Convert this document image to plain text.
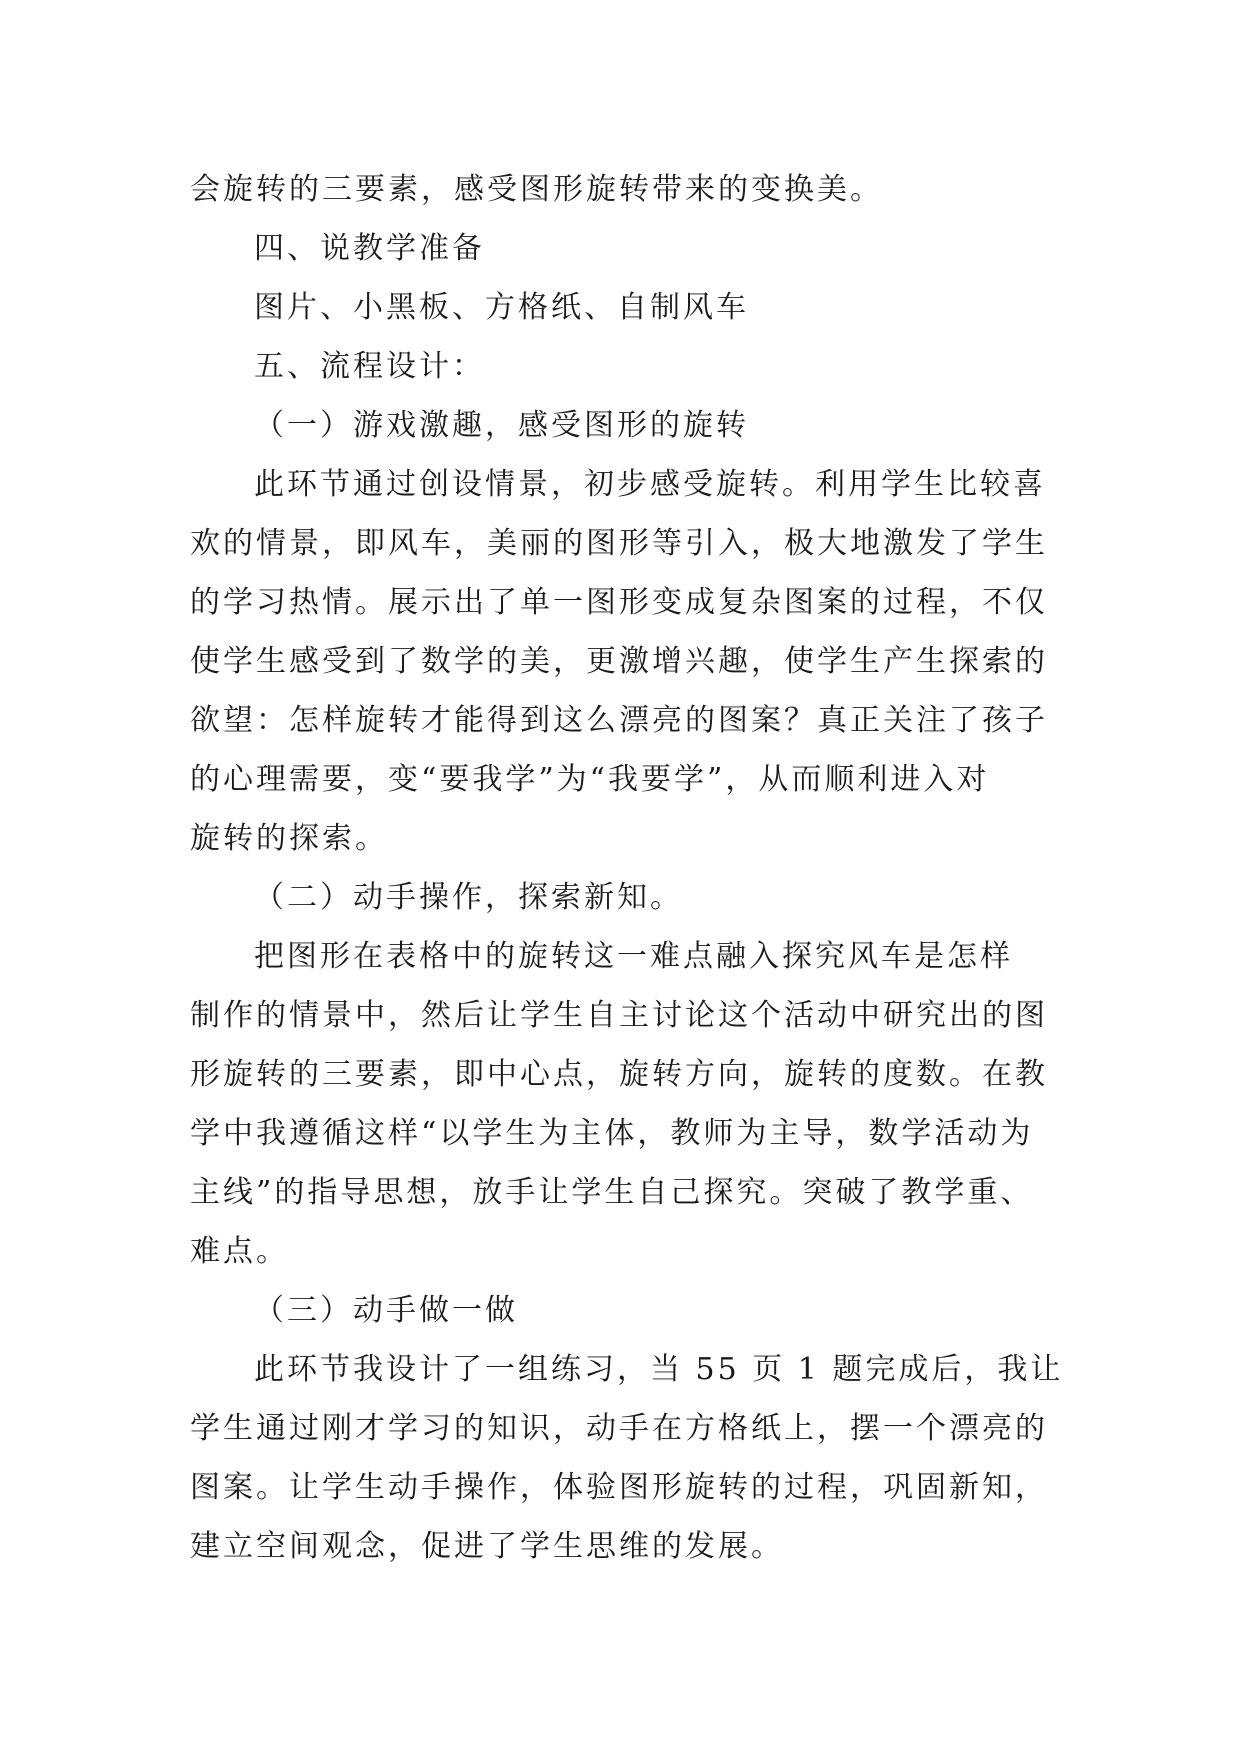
会旋转的三要素，感受图形旋转带来的变换美。
四、说教学准备
图片、小黑板、方格纸、自制风车
五、流程设计：
（一）游戏激趣，感受图形的旋转
此环节通过创设情景，初步感受旋转。利用学生比较喜
欢的情景，即风车，美丽的图形等引入，极大地激发了学生
的学习热情。展示出了单一图形变成复杂图案的过程，不仅
使学生感受到了数学的美，更激增兴趣，使学生产生探索的
欲望：怎样旋转才能得到这么漂亮的图案？真正关注了孩子
的心理需要，变“要我学”为“我要学”，从而顺利进入对
旋转的探索。
（二）动手操作，探索新知。
把图形在表格中的旋转这一难点融入探究风车是怎样
制作的情景中，然后让学生自主讨论这个活动中研究出的图
形旋转的三要素，即中心点，旋转方向，旋转的度数。在教
学中我遵循这样“以学生为主体，教师为主导，数学活动为
主线”的指导思想，放手让学生自己探究。突破了教学重、
难点。
（三）动手做一做
此环节我设计了一组练习，当 55 页 1 题完成后，我让
学生通过刚才学习的知识，动手在方格纸上，摆一个漂亮的
图案。让学生动手操作，体验图形旋转的过程，巩固新知，
建立空间观念，促进了学生思维的发展。
